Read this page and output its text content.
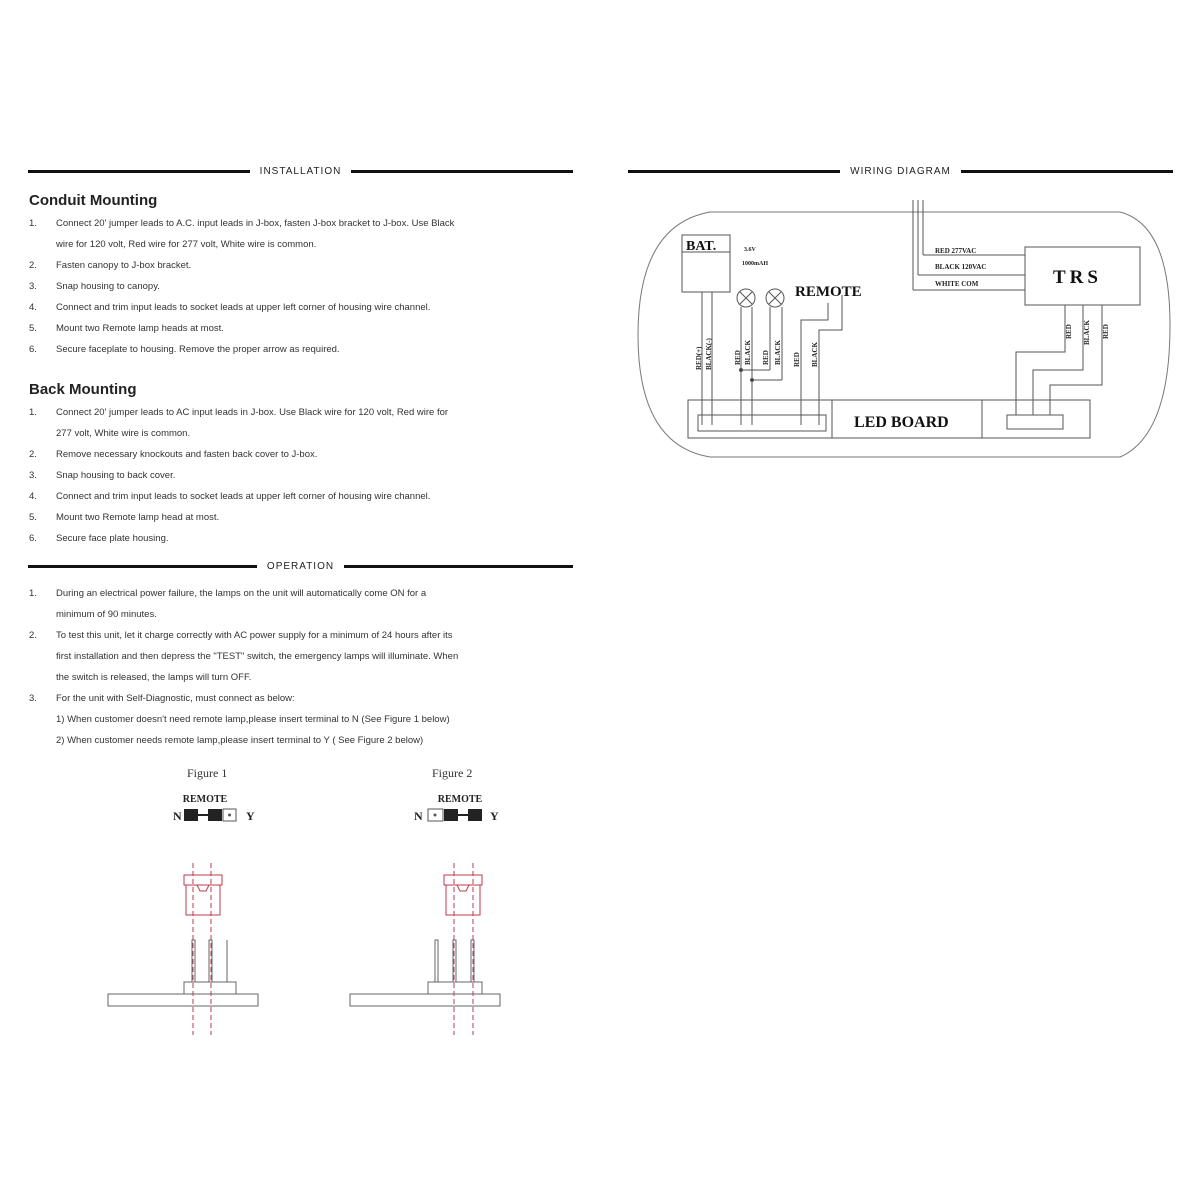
INSTALLATION
Conduit Mounting
1.	Connect 20' jumper leads to A.C. input leads in J-box, fasten J-box bracket to J-box. Use Black
wire for 120 volt, Red wire for 277 volt, White wire is common.
2.	Fasten canopy to J-box bracket.
3.	Snap housing to canopy.
4.	Connect and trim input leads to socket leads at upper left corner of housing wire channel.
5.	Mount two Remote lamp heads at most.
6.	Secure faceplate to housing. Remove the proper arrow as required.
Back Mounting
1.	Connect 20' jumper leads to AC input leads in J-box. Use Black wire for 120 volt, Red wire for
277 volt, White wire is common.
2.	Remove necessary knockouts and fasten back cover to J-box.
3.	Snap housing to back cover.
4.	Connect and trim input leads to socket leads at upper left corner of housing wire channel.
5.	Mount two Remote lamp head at most.
6.	Secure face plate housing.
OPERATION
1.	During an electrical power failure, the lamps on the unit will automatically come ON for a
minimum of 90 minutes.
2.	To test this unit, let it charge correctly with AC power supply for a minimum of 24 hours after its
first installation and then depress the "TEST" switch, the emergency lamps will illuminate. When
the switch is released, the lamps will turn OFF.
3.	For the unit with Self-Diagnostic, must connect as below:
1) When customer doesn't need remote lamp,please insert terminal to N (See Figure 1 below)
2) When customer needs remote lamp,please insert terminal to Y ( See Figure 2 below)
Figure 1	Figure 2
REMOTE
N	Y
REMOTE
N	Y
WIRING DIAGRAM
BAT.	3.6V
1000mAH
REMOTE
TRS
LED BOARD
RED 277VAC
BLACK 120VAC
WHITE COM
RED(+) BLACK(-)	RED BLACK RED BLACK RED BLACK
RED BLACK RED
